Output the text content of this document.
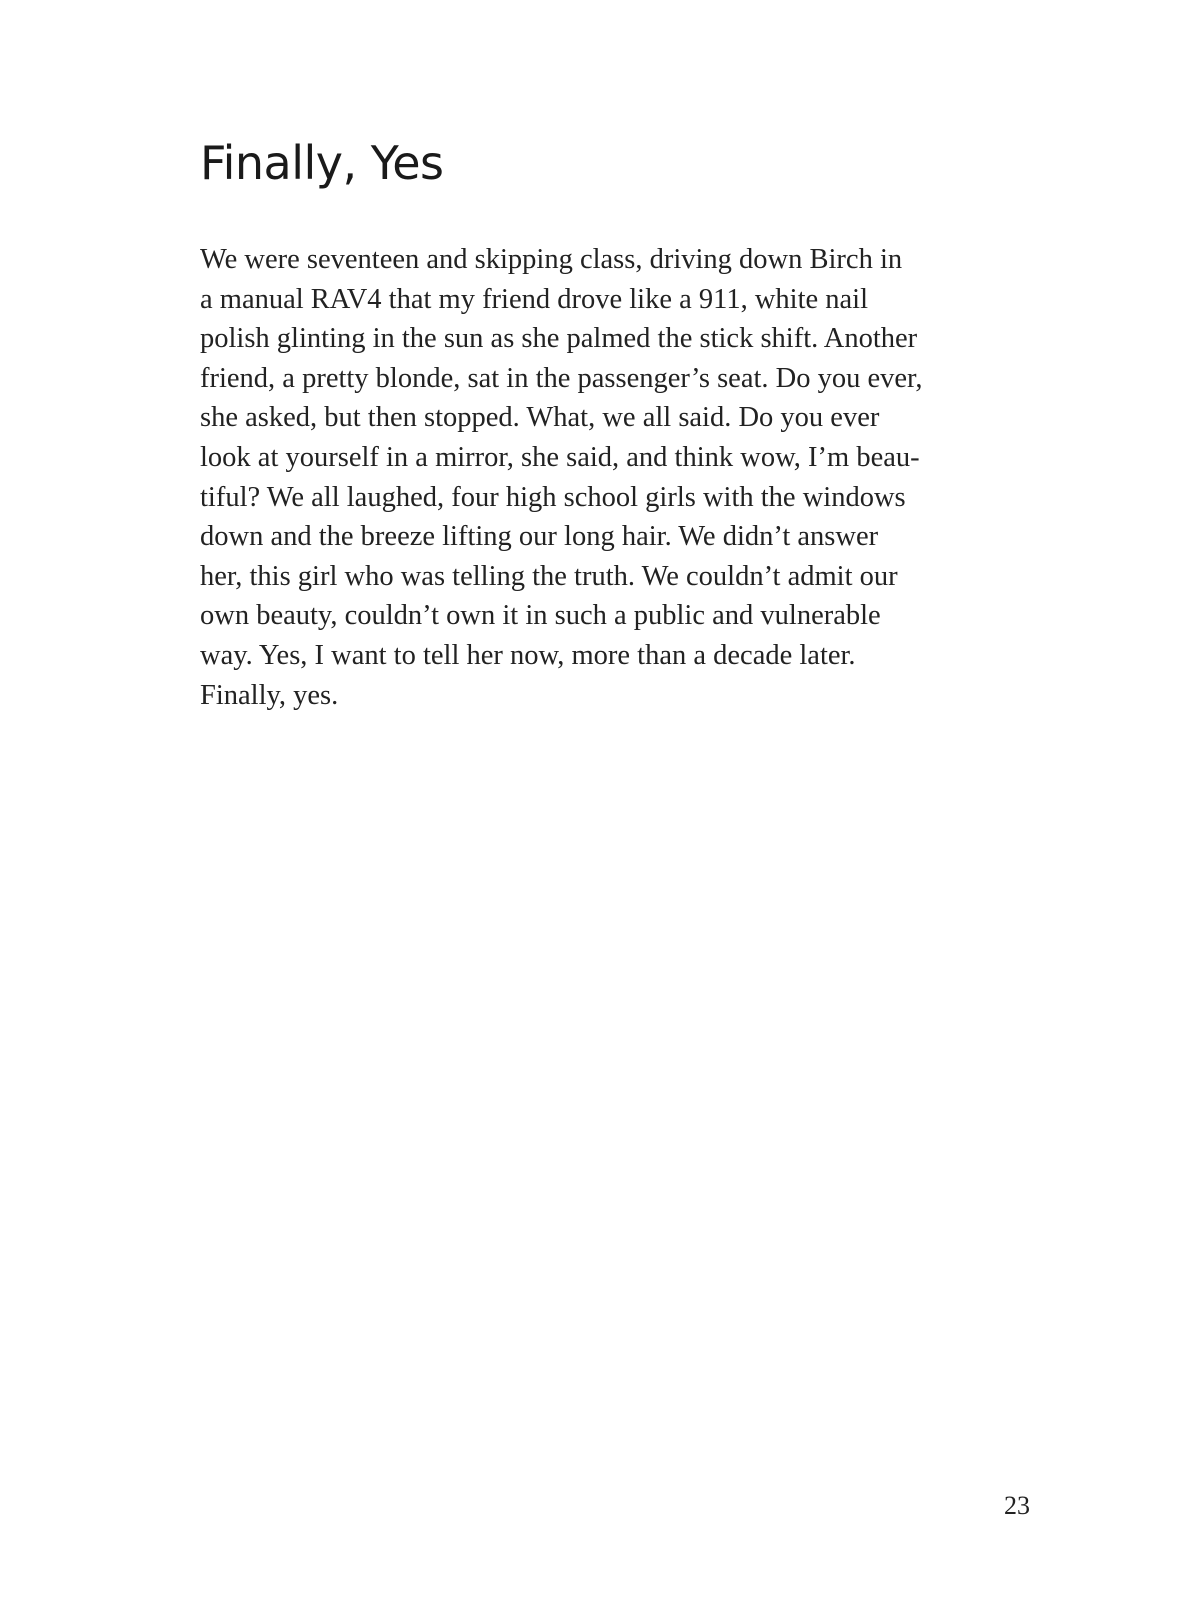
Finally, Yes

We were seventeen and skipping class, driving down Birch in
a manual RAV4 that my friend drove like a 911, white nail
polish glinting in the sun as she palmed the stick shift. Another
friend, a pretty blonde, sat in the passenger’s seat. Do you ever,
she asked, but then stopped. What, we all said. Do you ever
look at yourself in a mirror, she said, and think wow, I’m beau-
tiful? We all laughed, four high school girls with the windows
down and the breeze lifting our long hair. We didn’t answer
her, this girl who was telling the truth. We couldn’t admit our
own beauty, couldn’t own it in such a public and vulnerable
way. Yes, I want to tell her now, more than a decade later.
Finally, yes.

23
